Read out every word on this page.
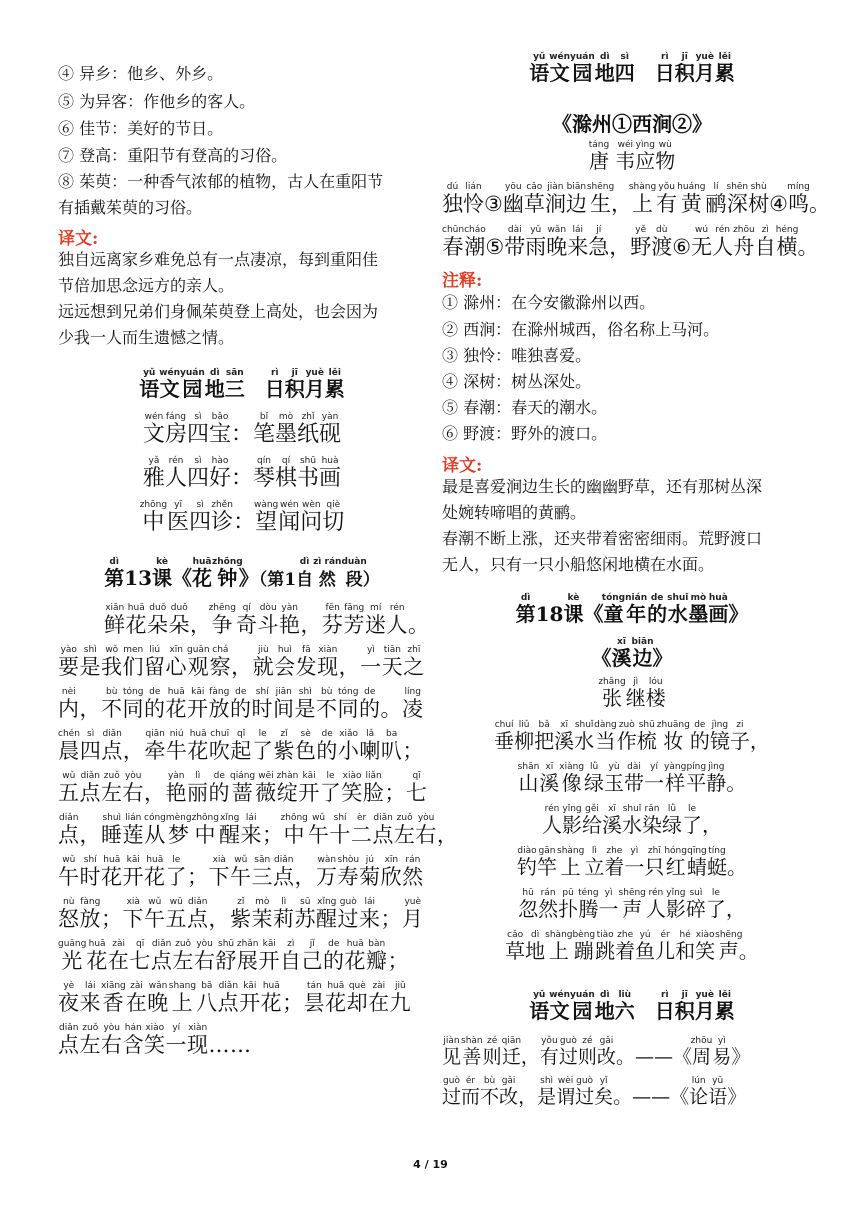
④ 异乡：他乡、外乡。
⑤ 为异客：作他乡的客人。
⑥ 佳节：美好的节日。
⑦ 登高：重阳节有登高的习俗。
⑧ 茱萸：一种香气浓郁的植物，古人在重阳节
有插戴茱萸的习俗。
译文:
独自远离家乡难免总有一点凄凉，每到重阳佳
节倍加思念远方的亲人。
远远想到兄弟们身佩茱萸登上高处，也会因为
少我一人而生遗憾之情。
语yǔ文wén园yuán地dì三sān日rì积jī月yuè累lěi
文wén房fáng四sì宝bǎo：笔bǐ墨mò纸zhǐ砚yàn
雅yǎ人rén四sì好hào：琴qín棋qí书shū画huà
中zhōng医yī四sì诊zhěn：望wàng闻wén问wèn切qiè
第dì13课kè《花huā钟zhōng》（第1自dì然zì rán段duàn）
鲜xiān花huā朵duǒ朵duǒ，争zhēng奇qí斗dòu艳yàn，芬fēn芳fāng迷mí人rén。
要yào是shì我wǒ们men留liú心xīn观guān察chá，就jiù会huì发fā现xiàn，一yì天tiān之zhī
内nèi，不bù同tóng的de花huā开kāi放fàng的de时shí间jiān是shì不bù同tóng的de。凌líng
晨chén四sì点diǎn，牵qiān牛niú花huā吹chuī起qǐ了le紫zǐ色sè的de小xiǎo喇lǎ叭ba；
五wǔ点diǎn左zuǒ右yòu，艳yàn丽lì的de蔷qiáng薇wēi绽zhàn开kāi了le笑xiào脸liǎn；七qī
点diǎn，睡shuì莲lián从cóng梦mèng中zhōng醒xǐng来lái；中zhōng午wǔ十shí二èr点diǎn左zuǒ右yòu，
午wǔ时shí花huā开kāi花huā了le；下xià午wǔ三sān点diǎn，万wàn寿shòu菊jú欣xīn然rán
怒nù放fàng；下xià午wǔ五wǔ点diǎn，紫zǐ茉mò莉lì苏sū醒xǐng过guò来lái；月yuè
光guāng花huā在zài七qī点diǎn左zuǒ右yòu舒shū展zhǎn开kāi自zì己jǐ的de花huā瓣bàn；
夜yè来lái香xiāng在zài晚wǎn上shang八bā点diǎn开kāi花huā；昙tán花huā却què在zài九jiǔ
点diǎn左zuǒ右yòu含hán笑xiào一yí现xiàn……
语yǔ文wén园yuán地dì四sì日rì积jī月yuè累lěi
《滁州①西涧②》
唐táng 韦wéi应yìng物wù
独dú怜lián③幽yōu草cǎo涧jiàn边biān生shēng，上shàng有yǒu黄huáng鹂lí深shēn树shù④鸣míng。
春chūn潮cháo⑤带dài雨yǔ晚wǎn来lái急jí，野yě渡dù⑥无wú人rén舟zhōu自zì横héng。
注释:
① 滁州：在今安徽滁州以西。
② 西涧：在滁州城西，俗名称上马河。
③ 独怜：唯独喜爱。
④ 深树：树丛深处。
⑤ 春潮：春天的潮水。
⑥ 野渡：野外的渡口。
译文:
最是喜爱涧边生长的幽幽野草，还有那树丛深
处婉转啼唱的黄鹂。
春潮不断上涨，还夹带着密密细雨。荒野渡口
无人，只有一只小船悠闲地横在水面。
第dì18课kè《童tóng年nián的de水shuǐ墨mò画huà》
《溪xī边biān》
张zhāng继jì楼lóu
垂chuí柳liǔ把bǎ溪xī水shuǐ当dàng作zuò梳shū妆zhuāng的de镜jìng子zi，
山shān溪xī像xiàng绿lǜ玉yù带dài一yí样yàng平píng静jìng。
人rén影yǐng给gěi溪xī水shuǐ染rǎn绿lǜ了le，
钓diào竿gān上shàng立lì着zhe一yì只zhī红hóng蜻qīng蜓tíng。
忽hū然rán扑pū腾téng一yì声shēng人rén影yǐng碎suì了le，
草cǎo地dì上shàng蹦bèng跳tiào着zhe鱼yú儿ér和hé笑xiào声shēng。
语yǔ文wén园yuán地dì六liù日rì积jī月yuè累lěi
见jiàn善shàn则zé迁qiān，有yǒu过guò则zé改gǎi。——《周zhōu易yì》
过guò而ér不bù改gǎi，是shì谓wèi过guò矣yǐ。——《论lún语yǔ》
4 / 19
